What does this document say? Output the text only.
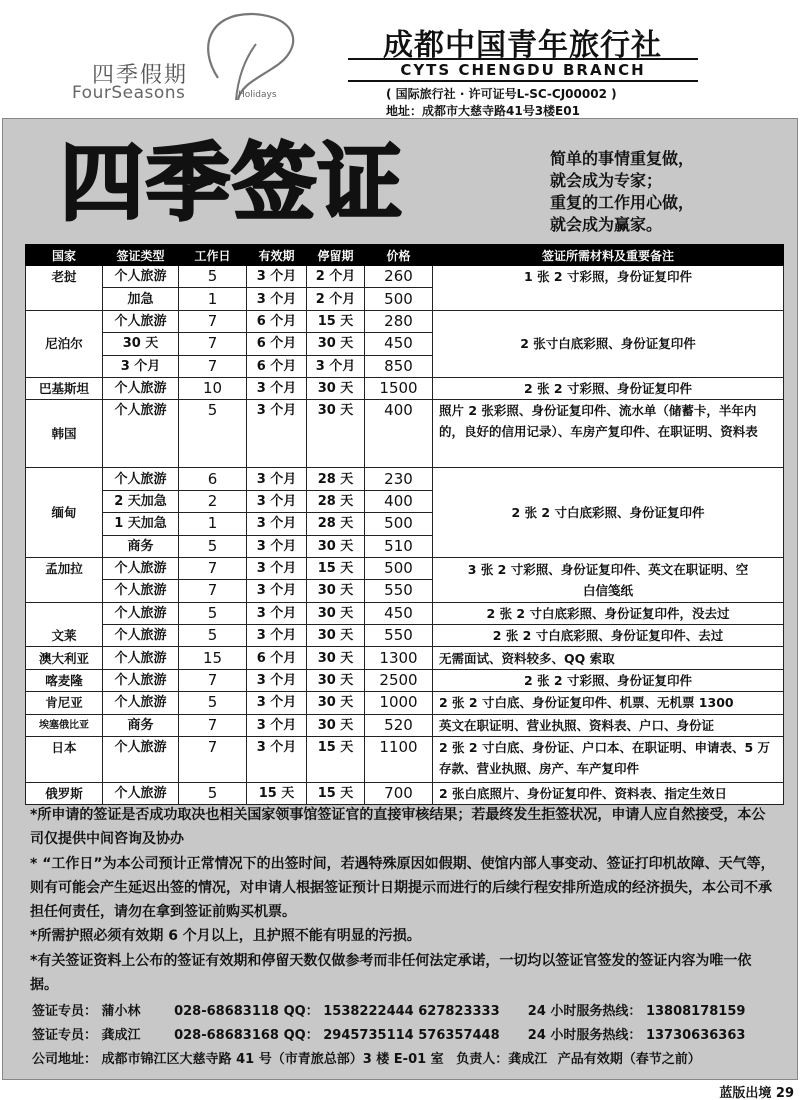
四季假期
FourSeasons	Holidays
成都中国青年旅行社
CYTS CHENGDU BRANCH
( 国际旅行社 · 许可证号L-SC-CJ00002 )
地址：成都市大慈寺路41号3楼E01
四季签证	简单的事情重复做，
就会成为专家；
重复的工作用心做，
就会成为赢家。
国家	签证类型	工作日	有效期	停留期	价格	签证所需材料及重要备注
老挝	个人旅游	5	3 个月	2 个月	260	1 张 2 寸彩照，身份证复印件
	加急	1	3 个月	2 个月	500	
尼泊尔	个人旅游	7	6 个月	15 天	280	2 张寸白底彩照、身份证复印件
	30 天	7	6 个月	30 天	450	
	3 个月	7	6 个月	3 个月	850	
巴基斯坦	个人旅游	10	3 个月	30 天	1500	2 张 2 寸彩照、身份证复印件
韩国	个人旅游	5	3 个月	30 天	400	照片 2 张彩照、身份证复印件、流水单（储蓄卡，半年内的，良好的信用记录）、车房产复印件、在职证明、资料表
缅甸	个人旅游	6	3 个月	28 天	230	2 张 2 寸白底彩照、身份证复印件
	2 天加急	2	3 个月	28 天	400	
	1 天加急	1	3 个月	28 天	500	
	商务	5	3 个月	30 天	510	
孟加拉	个人旅游	7	3 个月	15 天	500	3 张 2 寸彩照、身份证复印件、英文在职证明、空白信笺纸
	个人旅游	7	3 个月	30 天	550	
文莱	个人旅游	5	3 个月	30 天	450	2 张 2 寸白底彩照、身份证复印件，没去过
	个人旅游	5	3 个月	30 天	550	2 张 2 寸白底彩照、身份证复印件、去过
澳大利亚	个人旅游	15	6 个月	30 天	1300	无需面试、资料较多、QQ 索取
喀麦隆	个人旅游	7	3 个月	30 天	2500	2 张 2 寸彩照、身份证复印件
肯尼亚	个人旅游	5	3 个月	30 天	1000	2 张 2 寸白底、身份证复印件、机票、无机票 1300
埃塞俄比亚	商务	7	3 个月	30 天	520	英文在职证明、营业执照、资料表、户口、身份证
日本	个人旅游	7	3 个月	15 天	1100	2 张 2 寸白底、身份证、户口本、在职证明、申请表、5 万存款、营业执照、房产、车产复印件
俄罗斯	个人旅游	5	15 天	15 天	700	2 张白底照片、身份证复印件、资料表、指定生效日

*所申请的签证是否成功取决也相关国家领事馆签证官的直接审核结果；若最终发生拒签状况，申请人应自然接受，本公司仅提供中间咨询及协办

* “工作日”为本公司预计正常情况下的出签时间，若遇特殊原因如假期、使馆内部人事变动、签证打印机故障、天气等，则有可能会产生延迟出签的情况，对申请人根据签证预计日期提示而进行的后续行程安排所造成的经济损失，本公司不承担任何责任，请勿在拿到签证前购买机票。

*所需护照必须有效期 6 个月以上，且护照不能有明显的污损。

*有关签证资料上公布的签证有效期和停留天数仅做参考而非任何法定承诺，一切均以签证官签发的签证内容为唯一依据。

签证专员： 蒲小林	028-68683118 QQ： 1538222444 627823333 24 小时服务热线： 13808178159
签证专员： 龚成江	028-68683168 QQ： 2945735114 576357448 24 小时服务热线： 13730636363
公司地址： 成都市锦江区大慈寺路 41 号（市青旅总部）3 楼 E-01 室 负责人：龚成江 产品有效期（春节之前）
蓝版出境 29
